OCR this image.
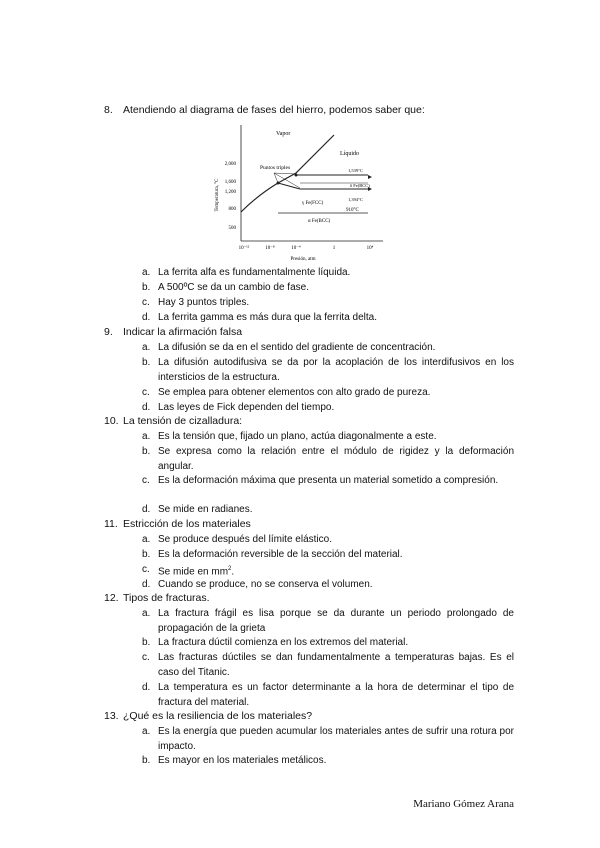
8. Atendiendo al diagrama de fases del hierro, podemos saber que:
2,000
1,600
1,200
800
500
10⁻¹²	10⁻⁸	10⁻⁴	1	10⁴
Presión, atm
Temperatura, °C
Vapor
Líquido
Puntos triples	1,539°C
δ Fe(BCC)
1,394°C
γ Fe(FCC)
910°C
α Fe(BCC)
a. La ferrita alfa es fundamentalmente líquida.
b. A 500ºC se da un cambio de fase.
c. Hay 3 puntos triples.
d. La ferrita gamma es más dura que la ferrita delta.
9. Indicar la afirmación falsa
a. La difusión se da en el sentido del gradiente de concentración.
b. La difusión autodifusiva se da por la acoplación de los interdifusivos en los intersticios de la estructura.
c. Se emplea para obtener elementos con alto grado de pureza.
d. Las leyes de Fick dependen del tiempo.
10. La tensión de cizalladura:
a. Es la tensión que, fijado un plano, actúa diagonalmente a este.
b. Se expresa como la relación entre el módulo de rigidez y la deformación angular.
c. Es la deformación máxima que presenta un material sometido a compresión.
d. Se mide en radianes.
11. Estricción de los materiales
a. Se produce después del límite elástico.
b. Es la deformación reversible de la sección del material.
c. Se mide en $mm^2$.
d. Cuando se produce, no se conserva el volumen.
12. Tipos de fracturas.
a. La fractura frágil es lisa porque se da durante un periodo prolongado de propagación de la grieta
b. La fractura dúctil comienza en los extremos del material.
c. Las fracturas dúctiles se dan fundamentalmente a temperaturas bajas. Es el caso del Titanic.
d. La temperatura es un factor determinante a la hora de determinar el tipo de fractura del material.
13. ¿Qué es la resiliencia de los materiales?
a. Es la energía que pueden acumular los materiales antes de sufrir una rotura por impacto.
b. Es mayor en los materiales metálicos.
Mariano Gómez Arana
